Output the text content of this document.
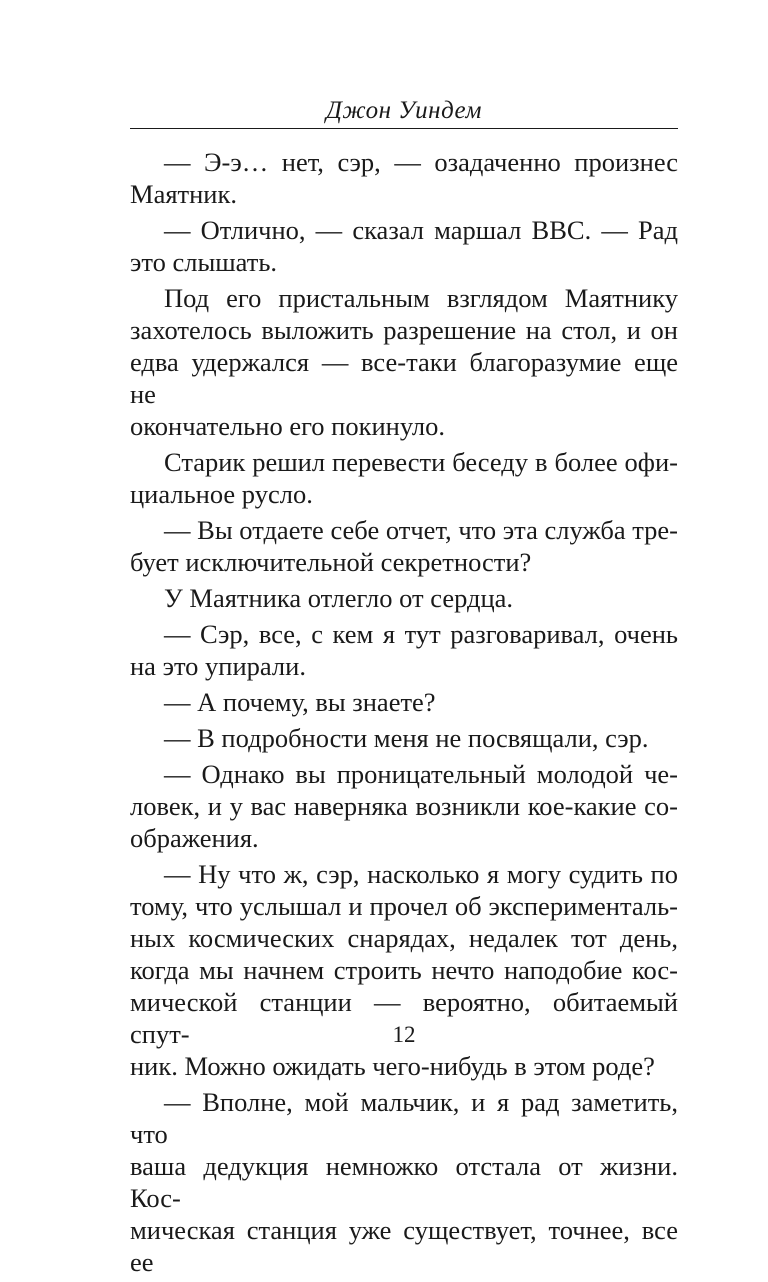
Джон Уиндем

— Э-э… нет, сэр, — озадаченно произнес
Маятник.

— Отлично, — сказал маршал ВВС. — Рад
это слышать.

Под его пристальным взглядом Маятнику
захотелось выложить разрешение на стол, и он
едва удержался — все-таки благоразумие еще не
окончательно его покинуло.

Старик решил перевести беседу в более офи-
циальное русло.

— Вы отдаете себе отчет, что эта служба тре-
бует исключительной секретности?

У Маятника отлегло от сердца.

— Сэр, все, с кем я тут разговаривал, очень
на это упирали.

— А почему, вы знаете?

— В подробности меня не посвящали, сэр.

— Однако вы проницательный молодой че-
ловек, и у вас наверняка возникли кое-какие со-
ображения.

— Ну что ж, сэр, насколько я могу судить по
тому, что услышал и прочел об эксперименталь-
ных космических снарядах, недалек тот день,
когда мы начнем строить нечто наподобие кос-
мической станции — вероятно, обитаемый спут-
ник. Можно ожидать чего-нибудь в этом роде?

— Вполне, мой мальчик, и я рад заметить, что
ваша дедукция немножко отстала от жизни. Кос-
мическая станция уже существует, точнее, все ее

12
